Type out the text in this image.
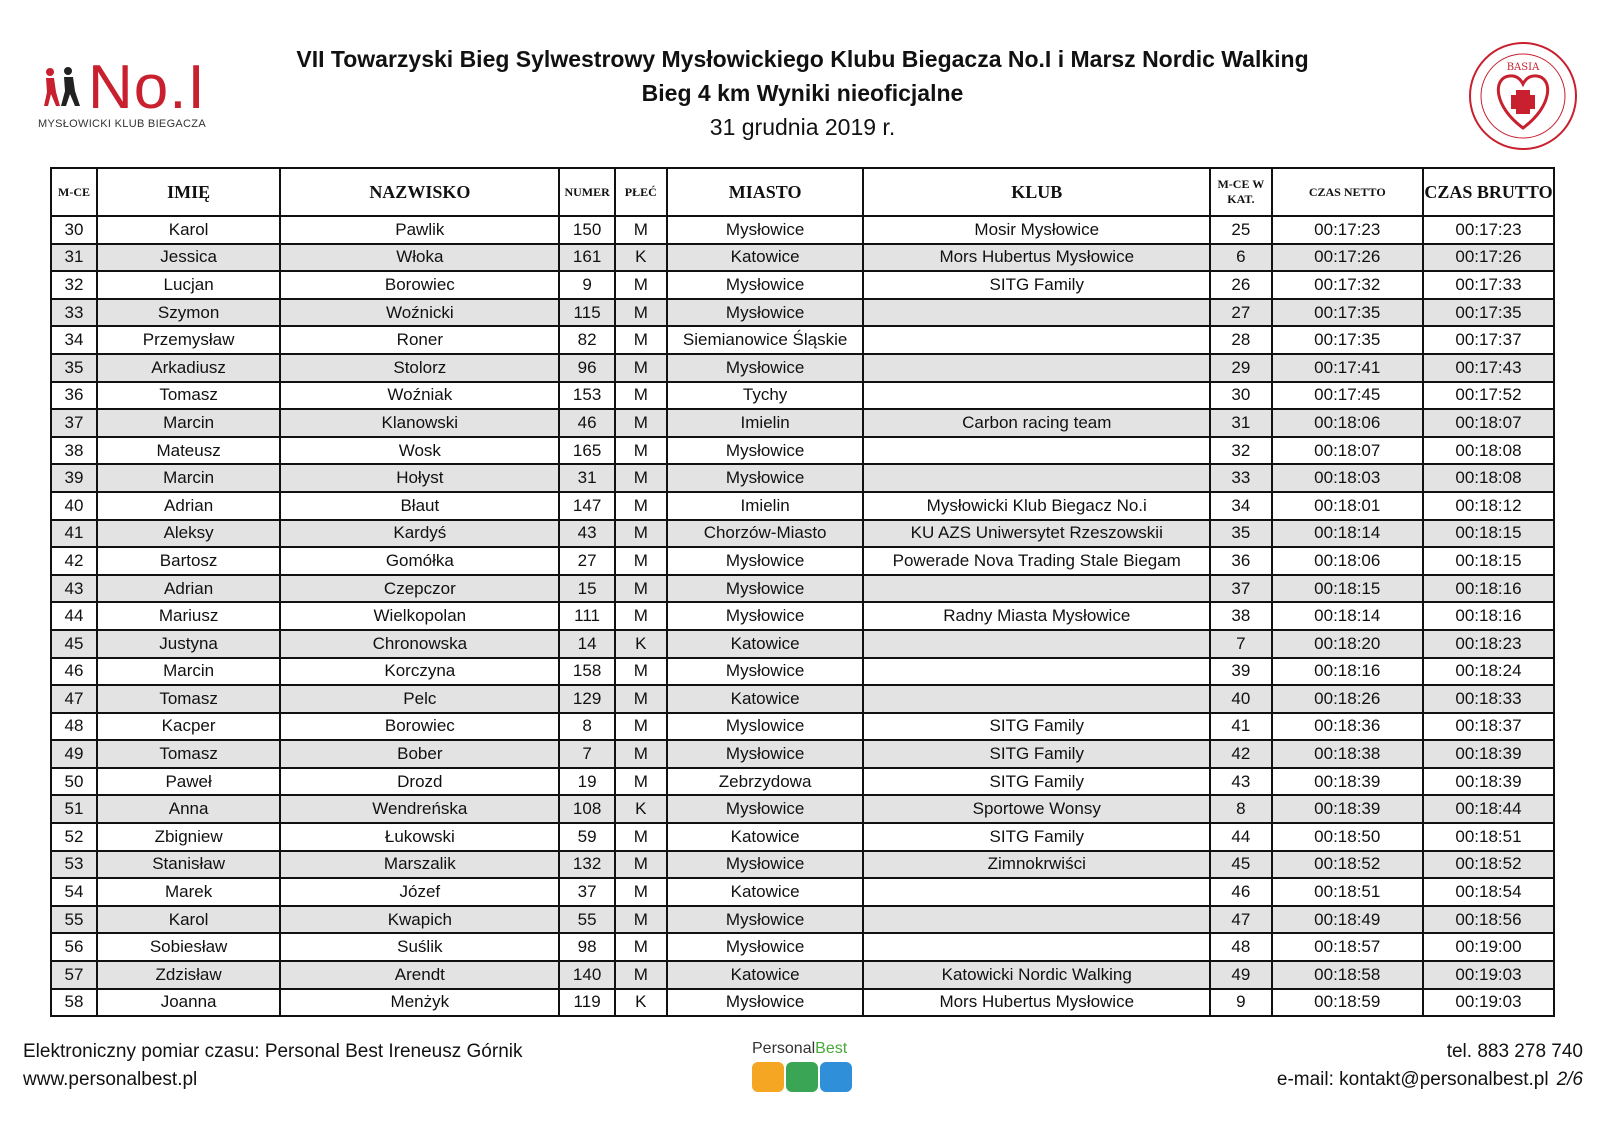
No.I
MYSŁOWICKI KLUB BIEGACZA
VII Towarzyski Bieg Sylwestrowy Mysłowickiego Klubu Biegacza No.I i Marsz Nordic Walking
Bieg 4 km Wyniki nieoficjalne
31 grudnia 2019 r.
BASIA
M-CE	IMIĘ	NAZWISKO	NUMER	PŁEĆ	MIASTO	KLUB	M-CE W KAT.	CZAS NETTO	CZAS BRUTTO
30	Karol	Pawlik	150	M	Mysłowice	Mosir Mysłowice	25	00:17:23	00:17:23
31	Jessica	Włoka	161	K	Katowice	Mors Hubertus Mysłowice	6	00:17:26	00:17:26
32	Lucjan	Borowiec	9	M	Mysłowice	SITG Family	26	00:17:32	00:17:33
33	Szymon	Woźnicki	115	M	Mysłowice		27	00:17:35	00:17:35
34	Przemysław	Roner	82	M	Siemianowice Śląskie		28	00:17:35	00:17:37
35	Arkadiusz	Stolorz	96	M	Mysłowice		29	00:17:41	00:17:43
36	Tomasz	Woźniak	153	M	Tychy		30	00:17:45	00:17:52
37	Marcin	Klanowski	46	M	Imielin	Carbon racing team	31	00:18:06	00:18:07
38	Mateusz	Wosk	165	M	Mysłowice		32	00:18:07	00:18:08
39	Marcin	Hołyst	31	M	Mysłowice		33	00:18:03	00:18:08
40	Adrian	Błaut	147	M	Imielin	Mysłowicki Klub Biegacz No.i	34	00:18:01	00:18:12
41	Aleksy	Kardyś	43	M	Chorzów-Miasto	KU AZS Uniwersytet Rzeszowskii	35	00:18:14	00:18:15
42	Bartosz	Gomółka	27	M	Mysłowice	Powerade Nova Trading Stale Biegam	36	00:18:06	00:18:15
43	Adrian	Czepczor	15	M	Mysłowice		37	00:18:15	00:18:16
44	Mariusz	Wielkopolan	111	M	Mysłowice	Radny Miasta Mysłowice	38	00:18:14	00:18:16
45	Justyna	Chronowska	14	K	Katowice		7	00:18:20	00:18:23
46	Marcin	Korczyna	158	M	Mysłowice		39	00:18:16	00:18:24
47	Tomasz	Pelc	129	M	Katowice		40	00:18:26	00:18:33
48	Kacper	Borowiec	8	M	Myslowice	SITG Family	41	00:18:36	00:18:37
49	Tomasz	Bober	7	M	Mysłowice	SITG Family	42	00:18:38	00:18:39
50	Paweł	Drozd	19	M	Zebrzydowa	SITG Family	43	00:18:39	00:18:39
51	Anna	Wendreńska	108	K	Mysłowice	Sportowe Wonsy	8	00:18:39	00:18:44
52	Zbigniew	Łukowski	59	M	Katowice	SITG Family	44	00:18:50	00:18:51
53	Stanisław	Marszalik	132	M	Mysłowice	Zimnokrwiści	45	00:18:52	00:18:52
54	Marek	Józef	37	M	Katowice		46	00:18:51	00:18:54
55	Karol	Kwapich	55	M	Mysłowice		47	00:18:49	00:18:56
56	Sobiesław	Suślik	98	M	Mysłowice		48	00:18:57	00:19:00
57	Zdzisław	Arendt	140	M	Katowice	Katowicki Nordic Walking	49	00:18:58	00:19:03
58	Joanna	Menżyk	119	K	Mysłowice	Mors Hubertus Mysłowice	9	00:18:59	00:19:03
Elektroniczny pomiar czasu: Personal Best Ireneusz Górnik
www.personalbest.pl
PersonalBest	tel. 883 278 740
e-mail: kontakt@personalbest.pl 2/6
